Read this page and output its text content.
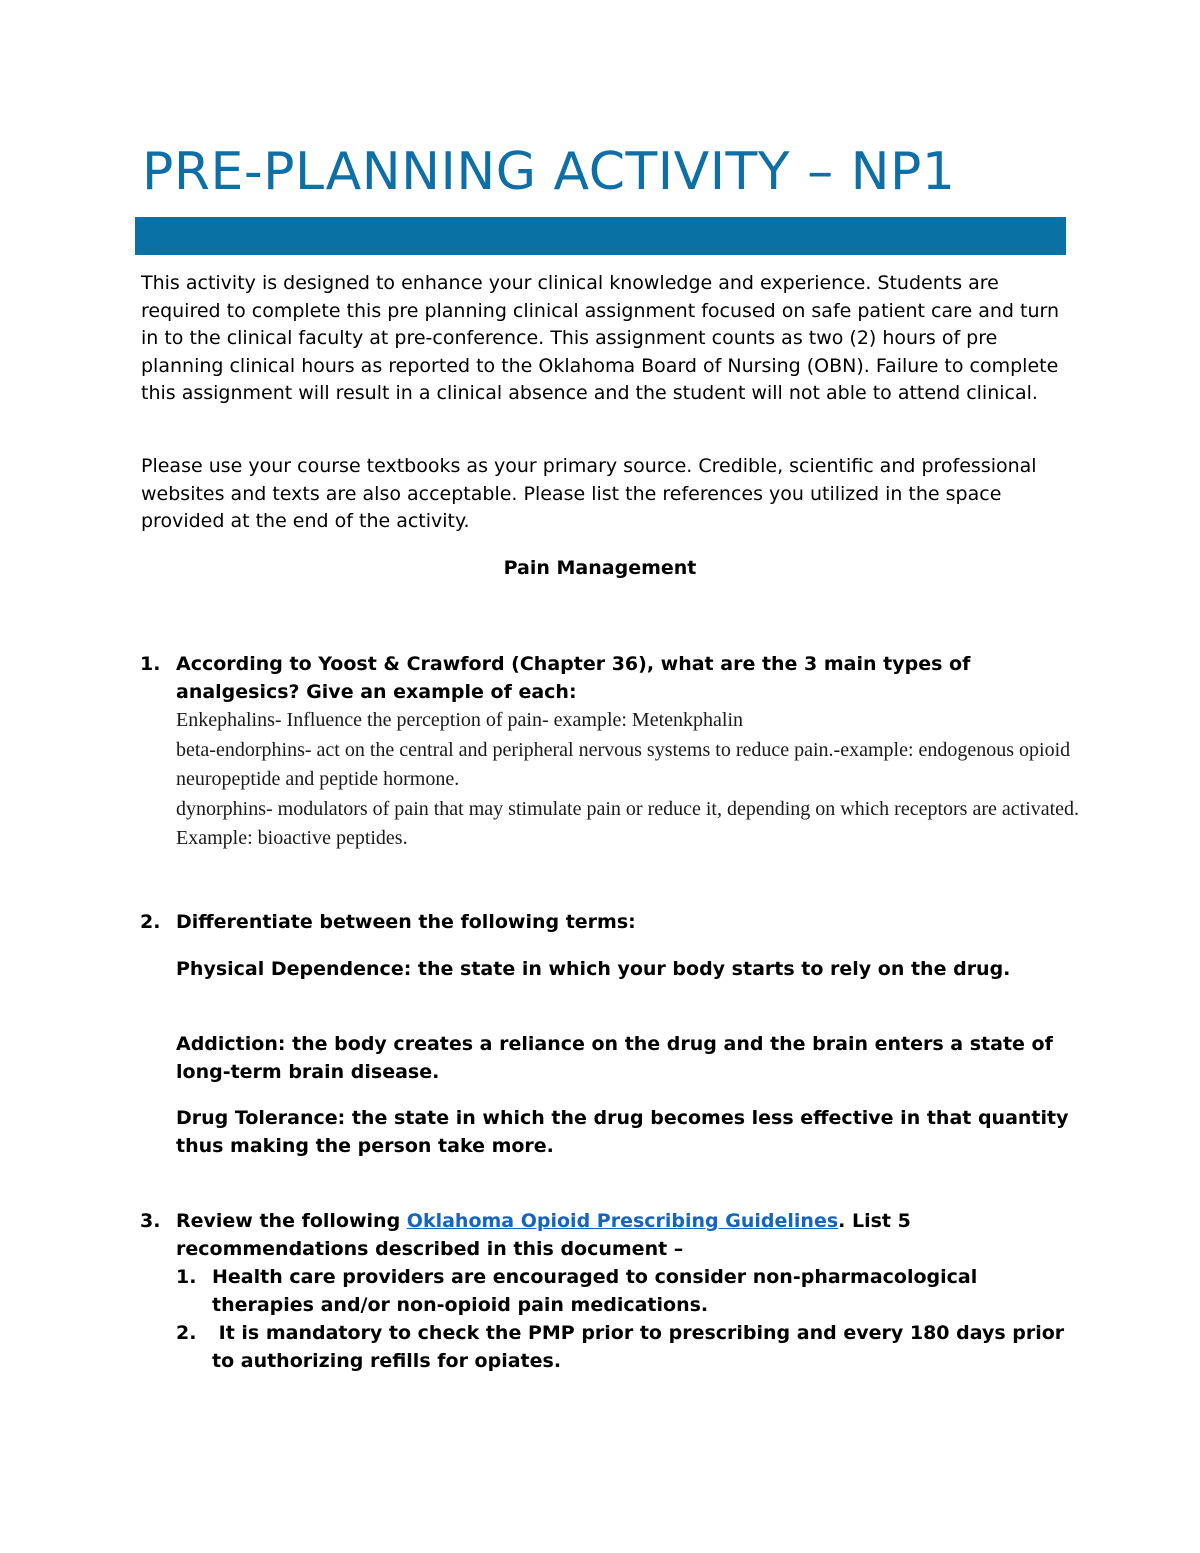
PRE-PLANNING ACTIVITY – NP1

This activity is designed to enhance your clinical knowledge and experience. Students are required to complete this pre planning clinical assignment focused on safe patient care and turn in to the clinical faculty at pre-conference. This assignment counts as two (2) hours of pre planning clinical hours as reported to the Oklahoma Board of Nursing (OBN). Failure to complete this assignment will result in a clinical absence and the student will not able to attend clinical.

Please use your course textbooks as your primary source. Credible, scientific and professional websites and texts are also acceptable. Please list the references you utilized in the space provided at the end of the activity.

Pain Management
1. According to Yoost & Crawford (Chapter 36), what are the 3 main types of analgesics? Give an example of each:

Enkephalins- Influence the perception of pain- example: Metenkphalin

beta-endorphins- act on the central and peripheral nervous systems to reduce pain.-example: endogenous opioid neuropeptide and peptide hormone.

dynorphins- modulators of pain that may stimulate pain or reduce it, depending on which receptors are activated. Example: bioactive peptides.

2. Differentiate between the following terms:

Physical Dependence: the state in which your body starts to rely on the drug.

Addiction: the body creates a reliance on the drug and the brain enters a state of long-term brain disease.

Drug Tolerance: the state in which the drug becomes less effective in that quantity thus making the person take more.

3. Review the following Oklahoma Opioid Prescribing Guidelines. List 5 recommendations described in this document –
1. Health care providers are encouraged to consider non-pharmacological therapies and/or non-opioid pain medications.
2. It is mandatory to check the PMP prior to prescribing and every 180 days prior to authorizing refills for opiates.
